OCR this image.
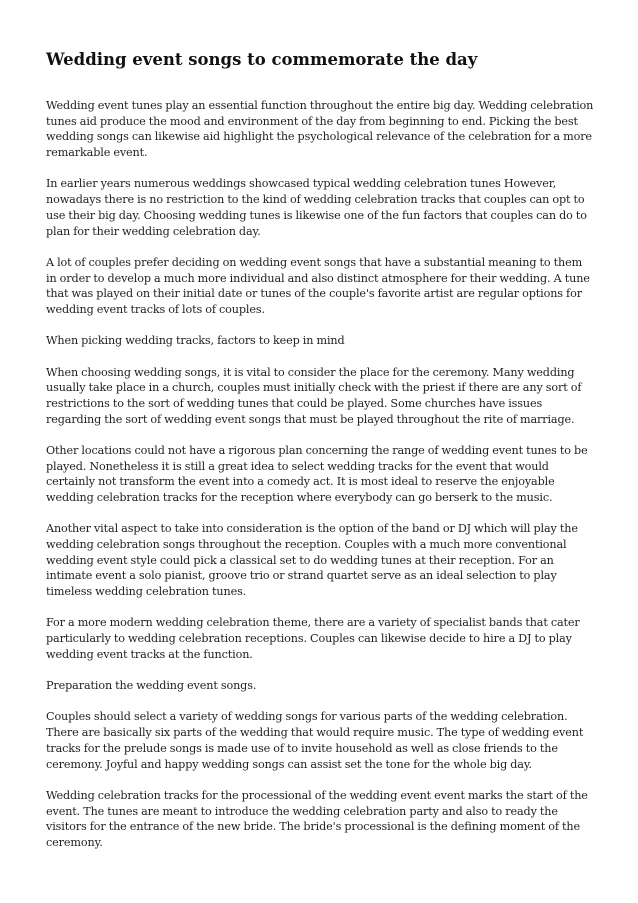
Wedding event songs to commemorate the day

Wedding event tunes play an essential function throughout the entire big day. Wedding celebration tunes aid produce the mood and environment of the day from beginning to end. Picking the best wedding songs can likewise aid highlight the psychological relevance of the celebration for a more remarkable event.

In earlier years numerous weddings showcased typical wedding celebration tunes However, nowadays there is no restriction to the kind of wedding celebration tracks that couples can opt to use their big day. Choosing wedding tunes is likewise one of the fun factors that couples can do to plan for their wedding celebration day.

A lot of couples prefer deciding on wedding event songs that have a substantial meaning to them in order to develop a much more individual and also distinct atmosphere for their wedding. A tune that was played on their initial date or tunes of the couple's favorite artist are regular options for wedding event tracks of lots of couples.

When picking wedding tracks, factors to keep in mind

When choosing wedding songs, it is vital to consider the place for the ceremony. Many wedding usually take place in a church, couples must initially check with the priest if there are any sort of restrictions to the sort of wedding tunes that could be played. Some churches have issues regarding the sort of wedding event songs that must be played throughout the rite of marriage.

Other locations could not have a rigorous plan concerning the range of wedding event tunes to be played. Nonetheless it is still a great idea to select wedding tracks for the event that would certainly not transform the event into a comedy act. It is most ideal to reserve the enjoyable wedding celebration tracks for the reception where everybody can go berserk to the music.

Another vital aspect to take into consideration is the option of the band or DJ which will play the wedding celebration songs throughout the reception. Couples with a much more conventional wedding event style could pick a classical set to do wedding tunes at their reception. For an intimate event a solo pianist, groove trio or strand quartet serve as an ideal selection to play timeless wedding celebration tunes.

For a more modern wedding celebration theme, there are a variety of specialist bands that cater particularly to wedding celebration receptions. Couples can likewise decide to hire a DJ to play wedding event tracks at the function.

Preparation the wedding event songs.

Couples should select a variety of wedding songs for various parts of the wedding celebration. There are basically six parts of the wedding that would require music. The type of wedding event tracks for the prelude songs is made use of to invite household as well as close friends to the ceremony. Joyful and happy wedding songs can assist set the tone for the whole big day.

Wedding celebration tracks for the processional of the wedding event event marks the start of the event. The tunes are meant to introduce the wedding celebration party and also to ready the visitors for the entrance of the new bride. The bride's processional is the defining moment of the ceremony.
